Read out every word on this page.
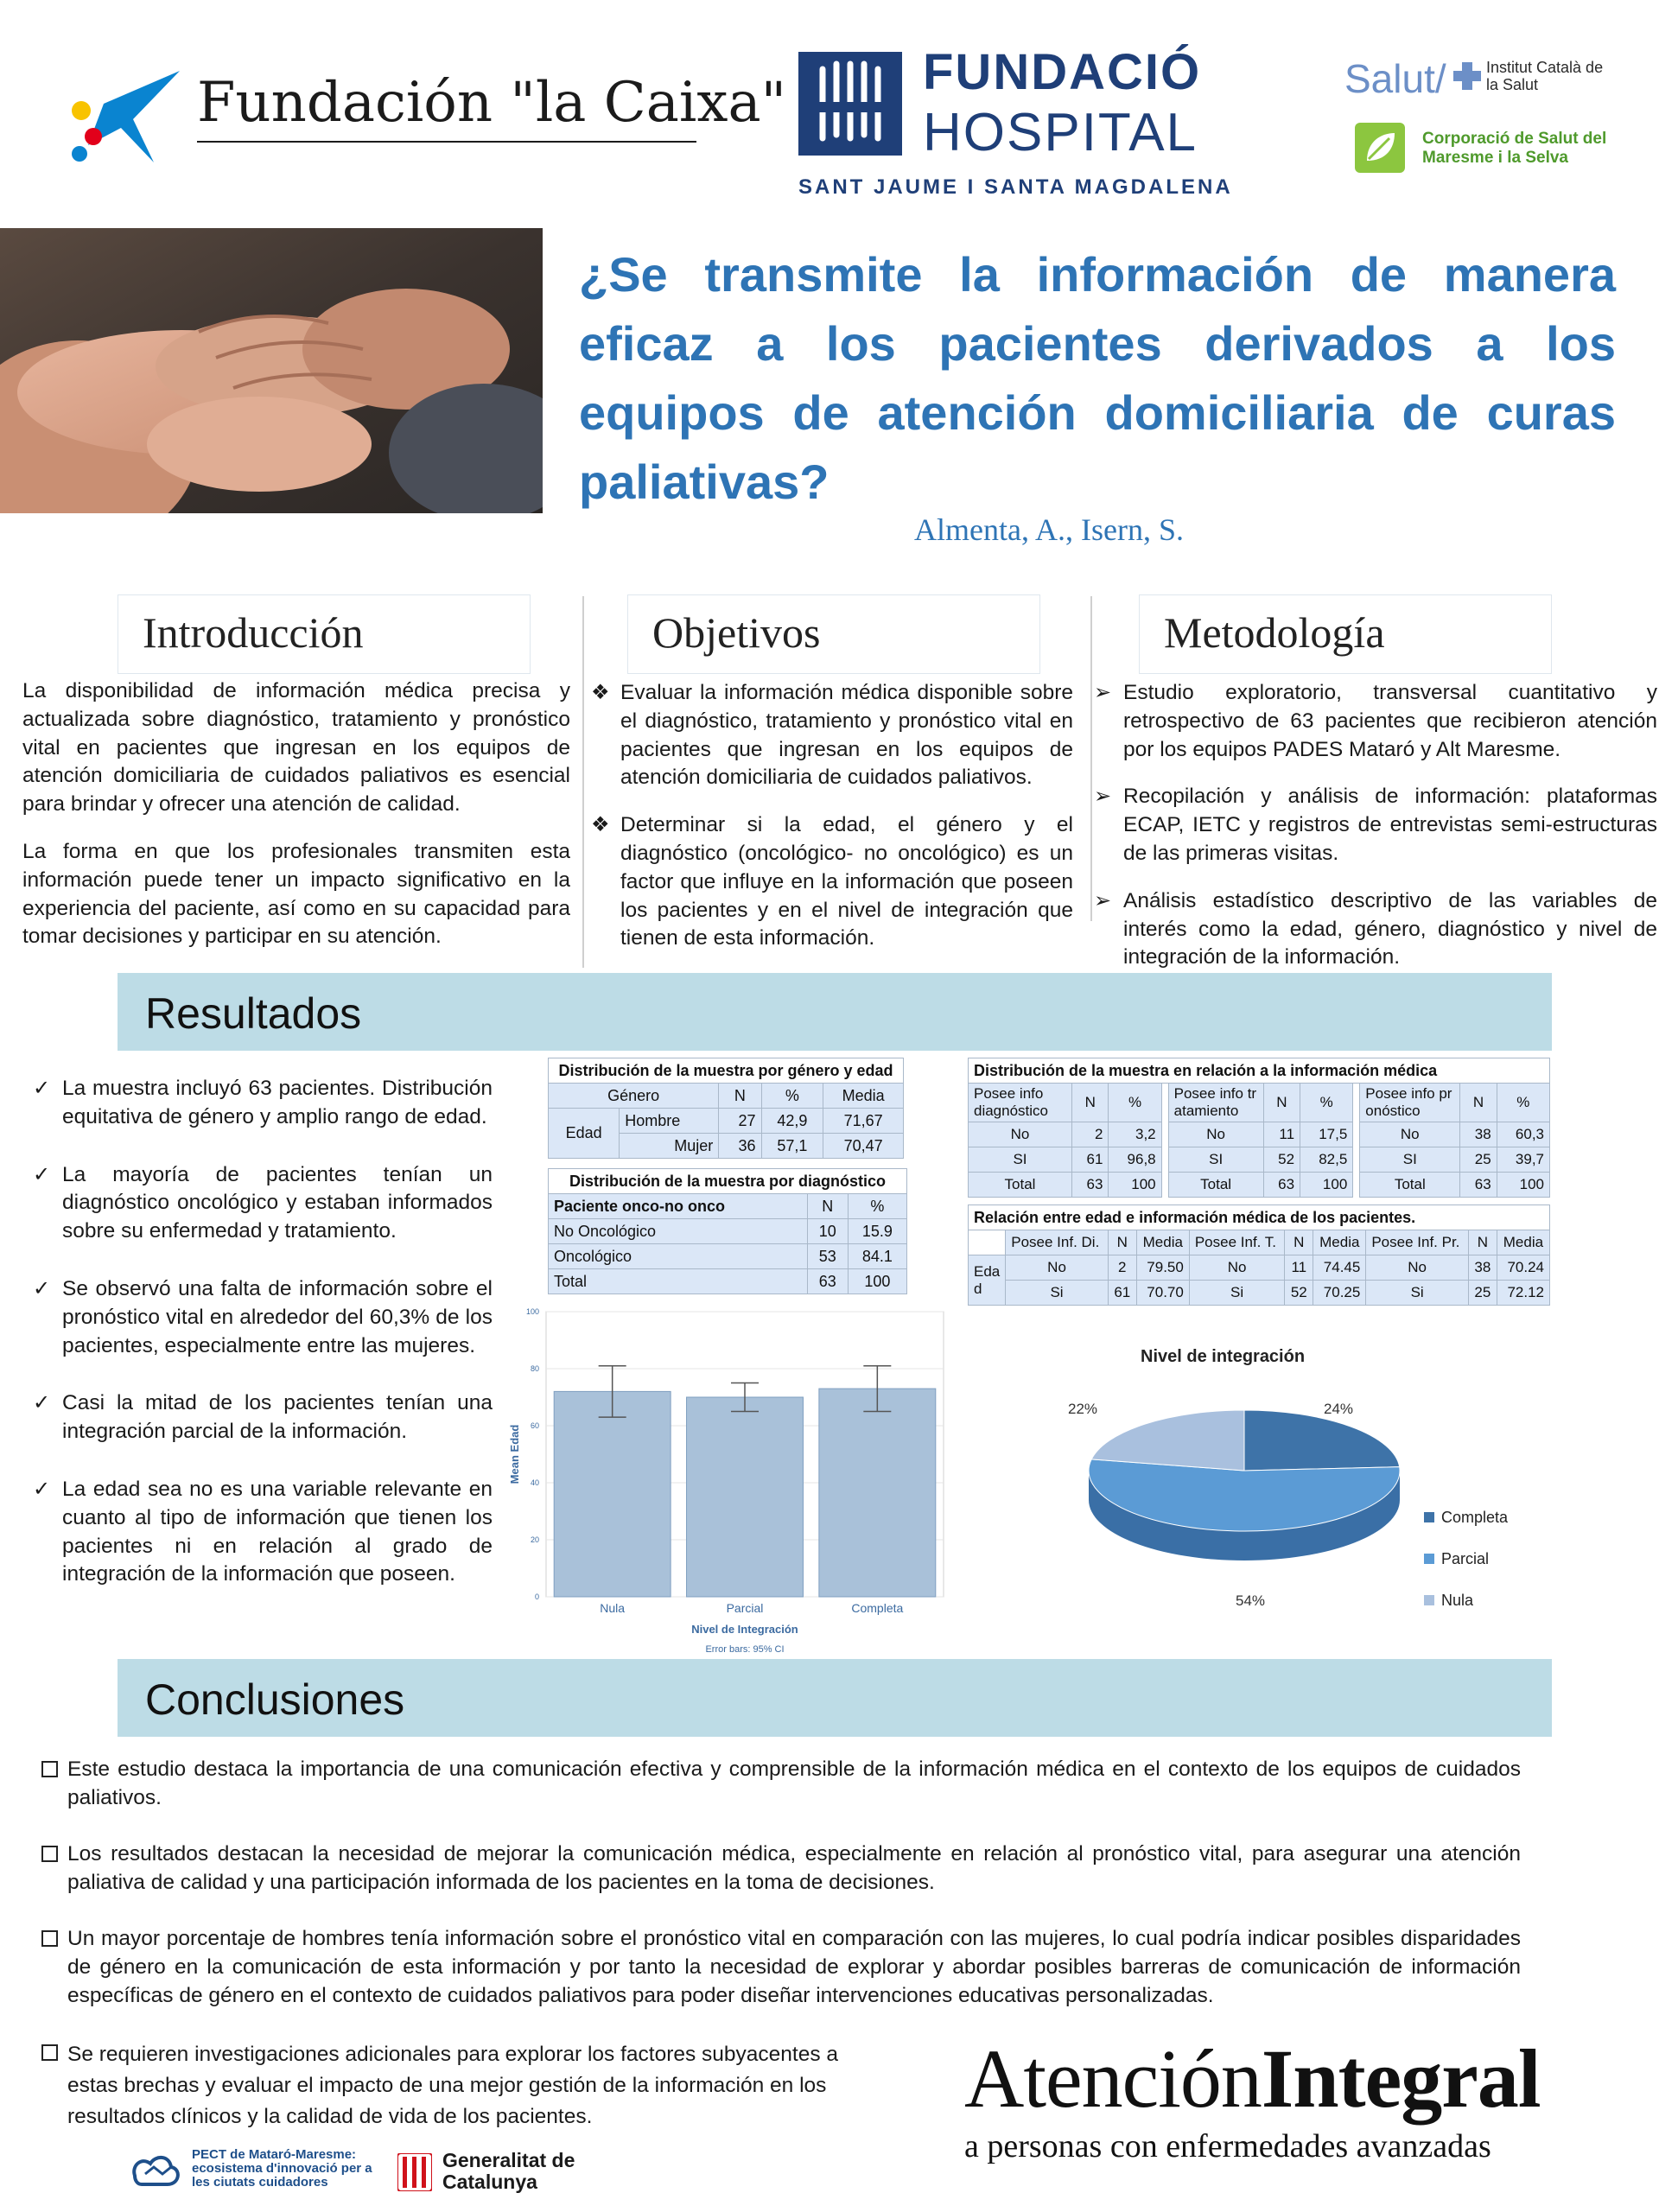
Fundación "la Caixa"	FUNDACIÓ
HOSPITAL
SANT JAUME I SANTA MAGDALENA
Salut/	Institut Català de la Salut
Corporació de Salut del Maresme i la Selva
¿Se transmite la información de manera eficaz a los pacientes derivados a los equipos de atención domiciliaria de curas paliativas?
Almenta, A., Isern, S.
Introducción	Objetivos	Metodología

La disponibilidad de información médica precisa y actualizada sobre diagnóstico, tratamiento y pronóstico vital en pacientes que ingresan en los equipos de atención domiciliaria de cuidados paliativos es esencial para brindar y ofrecer una atención de calidad.

La forma en que los profesionales transmiten esta información puede tener un impacto significativo en la experiencia del paciente, así como en su capacidad para tomar decisiones y participar en su atención.

❖ Evaluar la información médica disponible sobre el diagnóstico, tratamiento y pronóstico vital en pacientes que ingresan en los equipos de atención domiciliaria de cuidados paliativos.
❖ Determinar si la edad, el género y el diagnóstico (oncológico- no oncológico) es un factor que influye en la información que poseen los pacientes y en el nivel de integración que tienen de esta información.
➢ Estudio exploratorio, transversal cuantitativo y retrospectivo de 63 pacientes que recibieron atención por los equipos PADES Mataró y Alt Maresme.
➢ Recopilación y análisis de información: plataformas ECAP, IETC y registros de entrevistas semi-estructuras de las primeras visitas.
➢ Análisis estadístico descriptivo de las variables de interés como la edad, género, diagnóstico y nivel de integración de la información.
Resultados
✓ La muestra incluyó 63 pacientes. Distribución equitativa de género y amplio rango de edad.
✓ La mayoría de pacientes tenían un diagnóstico oncológico y estaban informados sobre su enfermedad y tratamiento.
✓ Se observó una falta de información sobre el pronóstico vital en alrededor del 60,3% de los pacientes, especialmente entre las mujeres.
✓ Casi la mitad de los pacientes tenían una integración parcial de la información.
✓ La edad sea no es una variable relevante en cuanto al tipo de información que tienen los pacientes ni en relación al grado de integración de la información que poseen.
Distribución de la muestra por género y edad				
Género		N	%	Media
Edad	Hombre	27	42,9	71,67
	Mujer	36	57,1	70,47
Distribución de la muestra por diagnóstico		
Paciente onco-no onco	N	%
No Oncológico	10	15.9
Oncológico	53	84.1
Total	63	100
Distribución de la muestra en relación a la información médica										
Posee info diagnóstico	N	%		Posee info tr atamiento	N	%		Posee info pr onóstico	N	%
No	2	3,2		No	11	17,5		No	38	60,3
SI	61	96,8		SI	52	82,5		SI	25	39,7
Total	63	100		Total	63	100		Total	63	100
Relación entre edad e información médica de los pacientes.									
	Posee Inf. Di.	N	Media	Posee Inf. T.	N	Media	Posee Inf. Pr.	N	Media
Eda d	No	2	79.50	No	11	74.45	No	38	70.24
	Si	61	70.70	Si	52	70.25	Si	25	72.12
0
20
40
60
80
100
Mean Edad
Nula	Parcial	Completa
Nivel de Integración
Error bars: 95% CI
Nivel de integración
24%
54%
22%
Completa
Parcial
Nula
Conclusiones
Este estudio destaca la importancia de una comunicación efectiva y comprensible de la información médica en el contexto de los equipos de cuidados paliativos.
Los resultados destacan la necesidad de mejorar la comunicación médica, especialmente en relación al pronóstico vital, para asegurar una atención paliativa de calidad y una participación informada de los pacientes en la toma de decisiones.
Un mayor porcentaje de hombres tenía información sobre el pronóstico vital en comparación con las mujeres, lo cual podría indicar posibles disparidades de género en la comunicación de esta información y por tanto la necesidad de explorar y abordar posibles barreras de comunicación de información específicas de género en el contexto de cuidados paliativos para poder diseñar intervenciones educativas personalizadas.
Se requieren investigaciones adicionales para explorar los factores subyacentes a estas brechas y evaluar el impacto de una mejor gestión de la información en los resultados clínicos y la calidad de vida de los pacientes.	AtenciónIntegral
a personas con enfermedades avanzadas
PECT de Mataró-Maresme: ecosistema d'innovació per a les ciutats cuidadores
Generalitat de Catalunya
